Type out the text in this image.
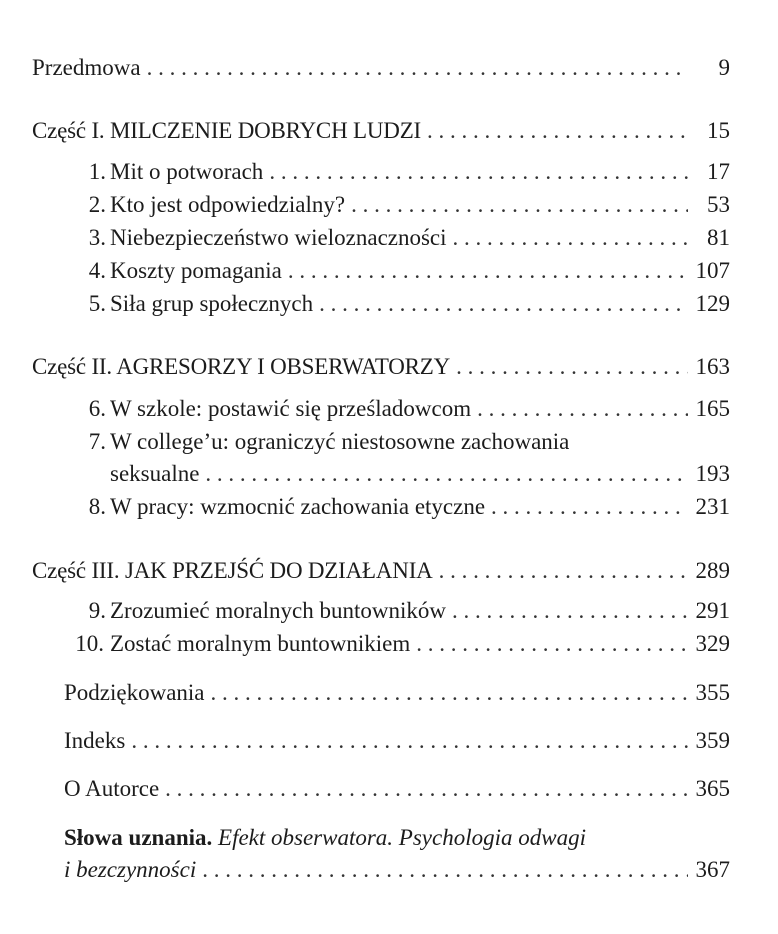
Przedmowa . . .	9
Część I. MILCZENIE DOBRYCH LUDZI . . .	15
1. Mit o potworach . . .	17
2. Kto jest odpowiedzialny? . . .	53
3. Niebezpieczeństwo wieloznaczności . . .	81
4. Koszty pomagania . . .	107
5. Siła grup społecznych . . .	129
Część II. AGRESORZY I OBSERWATORZY . . .	163
6. W szkole: postawić się prześladowcom . . .	165
7. W college’u: ograniczyć niestosowne zachowania
seksualne . . .	193
8. W pracy: wzmocnić zachowania etyczne . . .	231
Część III. JAK PRZEJŚĆ DO DZIAŁANIA . . .	289
9. Zrozumieć moralnych buntowników . . .	291
10. Zostać moralnym buntownikiem . . .	329
Podziękowania . . .	355
Indeks . . .	359
O Autorce . . .	365
Słowa uznania. Efekt obserwatora. Psychologia odwagi
i bezczynności . . .	367
